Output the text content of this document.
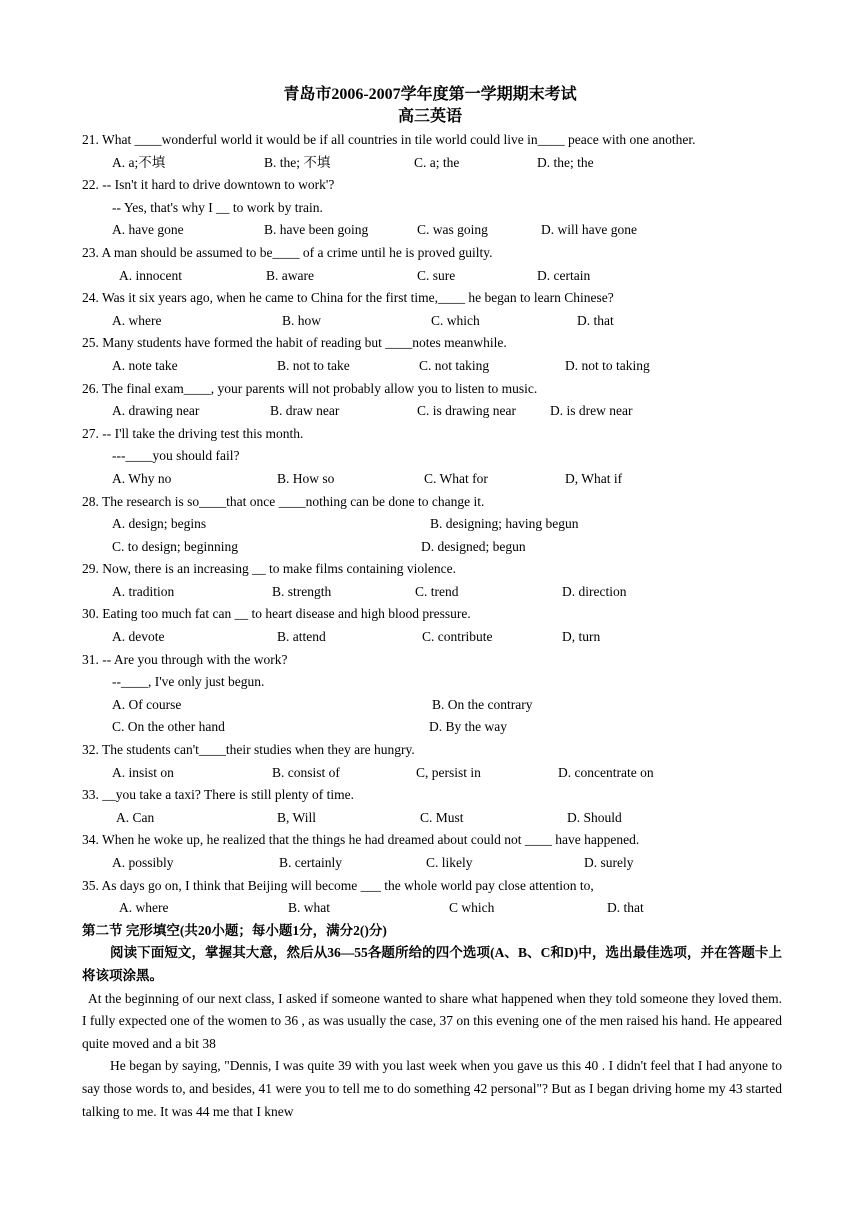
青岛市2006-2007学年度第一学期期末考试
高三英语
21. What ____wonderful world it would be if all countries in tile world could live in____ peace with one another.
A. a;不填	B. the; 不填	C. a; the	D. the; the
22. -- Isn't it hard to drive downtown to work'?
-- Yes, that's why I __ to work by train.
A. have gone	B. have been going	C. was going	D. will have gone
23. A man should be assumed to be____ of a crime until he is proved guilty.
A. innocent	B. aware	C. sure	D. certain
24. Was it six years ago, when he came to China for the first time,____ he began to learn Chinese?
A. where	B. how	C. which	D. that
25. Many students have formed the habit of reading but ____notes meanwhile.
A. note take	B. not to take	C. not taking	D. not to taking
26. The final exam____, your parents will not probably allow you to listen to music.
A. drawing near	B. draw near	C. is drawing near	D. is drew near
27. -- I'll take the driving test this month.
---____you should fail?
A. Why no	B. How so	C. What for	D, What if
28. The research is so____that once ____nothing can be done to change it.
A. design; begins	B. designing; having begun
C. to design; beginning	D. designed; begun
29. Now, there is an increasing __ to make films containing violence.
A. tradition	B. strength	C. trend	D. direction
30. Eating too much fat can __ to heart disease and high blood pressure.
A. devote	B. attend	C. contribute	D, turn
31. -- Are you through with the work?
--____, I've only just begun.
A. Of course	B. On the contrary
C. On the other hand	D. By the way
32. The students can't____their studies when they are hungry.
A. insist on	B. consist of	C, persist in	D. concentrate on
33. __you take a taxi? There is still plenty of time.
A. Can	B, Will	C. Must	D. Should
34. When he woke up, he realized that the things he had dreamed about could not ____ have happened.
A. possibly	B. certainly	C. likely	D. surely
35. As days go on, I think that Beijing will become ___ the whole world pay close attention to,
A. where	B. what	C which	D. that
第二节 完形填空(共20小题；每小题1分，满分2()分)

阅读下面短文，掌握其大意，然后从36—55各题所给的四个选项(A、B、C和D)中，选出最佳选项，并在答题卡上将该项涂黑。

At the beginning of our next class, I asked if someone wanted to share what happened when they told someone they loved them. I fully expected one of the women to 36 , as was usually the case, 37 on this evening one of the men raised his hand. He appeared quite moved and a bit 38

He began by saying, "Dennis, I was quite 39 with you last week when you gave us this 40 . I didn't feel that I had anyone to say those words to, and besides, 41 were you to tell me to do something 42 personal"? But as I began driving home my 43 started talking to me. It was 44 me that I knew
